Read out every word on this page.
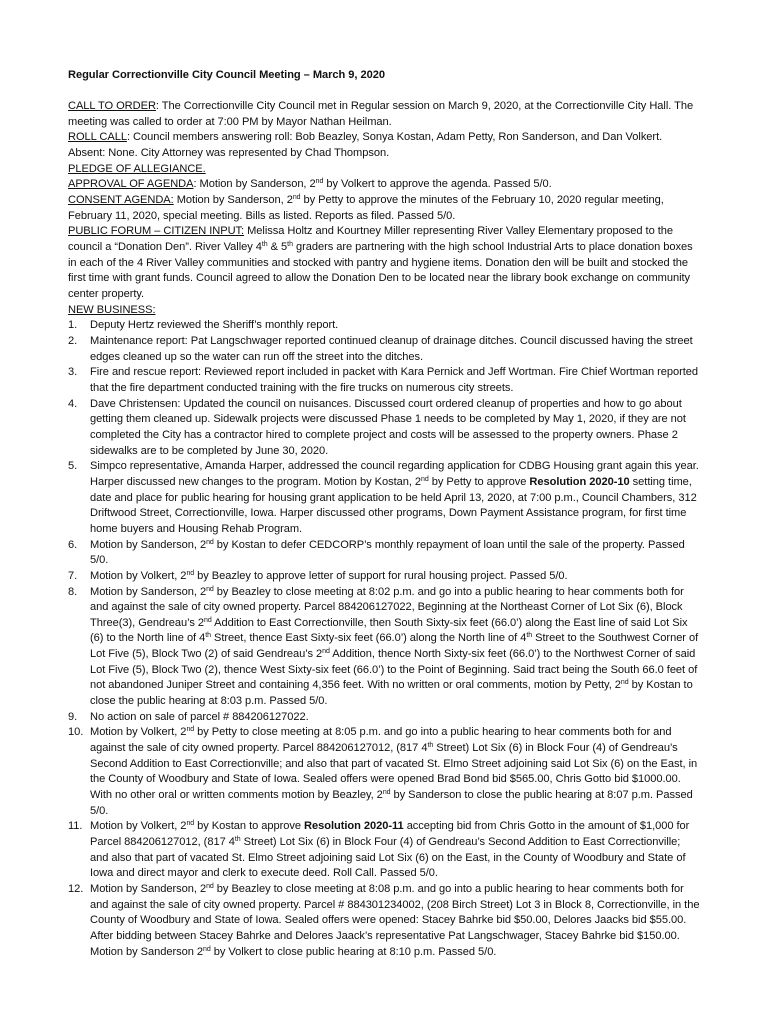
Regular Correctionville City Council Meeting – March 9, 2020

CALL TO ORDER: The Correctionville City Council met in Regular session on March 9, 2020, at the Correctionville City Hall. The meeting was called to order at 7:00 PM by Mayor Nathan Heilman.

ROLL CALL: Council members answering roll: Bob Beazley, Sonya Kostan, Adam Petty, Ron Sanderson, and Dan Volkert. Absent: None. City Attorney was represented by Chad Thompson.

PLEDGE OF ALLEGIANCE.

APPROVAL OF AGENDA: Motion by Sanderson, 2nd by Volkert to approve the agenda. Passed 5/0.

CONSENT AGENDA: Motion by Sanderson, 2nd by Petty to approve the minutes of the February 10, 2020 regular meeting, February 11, 2020, special meeting. Bills as listed. Reports as filed. Passed 5/0.

PUBLIC FORUM – CITIZEN INPUT: Melissa Holtz and Kourtney Miller representing River Valley Elementary proposed to the council a “Donation Den”. River Valley 4th & 5th graders are partnering with the high school Industrial Arts to place donation boxes in each of the 4 River Valley communities and stocked with pantry and hygiene items. Donation den will be built and stocked the first time with grant funds. Council agreed to allow the Donation Den to be located near the library book exchange on community center property.

NEW BUSINESS:

1. Deputy Hertz reviewed the Sheriff’s monthly report.
2. Maintenance report: Pat Langschwager reported continued cleanup of drainage ditches. Council discussed having the street edges cleaned up so the water can run off the street into the ditches.
3. Fire and rescue report: Reviewed report included in packet with Kara Pernick and Jeff Wortman. Fire Chief Wortman reported that the fire department conducted training with the fire trucks on numerous city streets.
4. Dave Christensen: Updated the council on nuisances. Discussed court ordered cleanup of properties and how to go about getting them cleaned up. Sidewalk projects were discussed Phase 1 needs to be completed by May 1, 2020, if they are not completed the City has a contractor hired to complete project and costs will be assessed to the property owners. Phase 2 sidewalks are to be completed by June 30, 2020.
5. Simpco representative, Amanda Harper, addressed the council regarding application for CDBG Housing grant again this year. Harper discussed new changes to the program. Motion by Kostan, 2nd by Petty to approve Resolution 2020-10 setting time, date and place for public hearing for housing grant application to be held April 13, 2020, at 7:00 p.m., Council Chambers, 312 Driftwood Street, Correctionville, Iowa. Harper discussed other programs, Down Payment Assistance program, for first time home buyers and Housing Rehab Program.
6. Motion by Sanderson, 2nd by Kostan to defer CEDCORP’s monthly repayment of loan until the sale of the property. Passed 5/0.
7. Motion by Volkert, 2nd by Beazley to approve letter of support for rural housing project. Passed 5/0.
8. Motion by Sanderson, 2nd by Beazley to close meeting at 8:02 p.m. and go into a public hearing to hear comments both for and against the sale of city owned property. Parcel 884206127022, Beginning at the Northeast Corner of Lot Six (6), Block Three(3), Gendreau’s 2nd Addition to East Correctionville, then South Sixty-six feet (66.0’) along the East line of said Lot Six (6) to the North line of 4th Street, thence East Sixty-six feet (66.0’) along the North line of 4th Street to the Southwest Corner of Lot Five (5), Block Two (2) of said Gendreau’s 2nd Addition, thence North Sixty-six feet (66.0’) to the Northwest Corner of said Lot Five (5), Block Two (2), thence West Sixty-six feet (66.0’) to the Point of Beginning. Said tract being the South 66.0 feet of not abandoned Juniper Street and containing 4,356 feet. With no written or oral comments, motion by Petty, 2nd by Kostan to close the public hearing at 8:03 p.m. Passed 5/0.
9. No action on sale of parcel # 884206127022.
10. Motion by Volkert, 2nd by Petty to close meeting at 8:05 p.m. and go into a public hearing to hear comments both for and against the sale of city owned property. Parcel 884206127012, (817 4th Street) Lot Six (6) in Block Four (4) of Gendreau’s Second Addition to East Correctionville; and also that part of vacated St. Elmo Street adjoining said Lot Six (6) on the East, in the County of Woodbury and State of Iowa. Sealed offers were opened Brad Bond bid $565.00, Chris Gotto bid $1000.00. With no other oral or written comments motion by Beazley, 2nd by Sanderson to close the public hearing at 8:07 p.m. Passed 5/0.
11. Motion by Volkert, 2nd by Kostan to approve Resolution 2020-11 accepting bid from Chris Gotto in the amount of $1,000 for Parcel 884206127012, (817 4th Street) Lot Six (6) in Block Four (4) of Gendreau’s Second Addition to East Correctionville; and also that part of vacated St. Elmo Street adjoining said Lot Six (6) on the East, in the County of Woodbury and State of Iowa and direct mayor and clerk to execute deed. Roll Call. Passed 5/0.
12. Motion by Sanderson, 2nd by Beazley to close meeting at 8:08 p.m. and go into a public hearing to hear comments both for and against the sale of city owned property. Parcel # 884301234002, (208 Birch Street) Lot 3 in Block 8, Correctionville, in the County of Woodbury and State of Iowa. Sealed offers were opened: Stacey Bahrke bid $50.00, Delores Jaacks bid $55.00. After bidding between Stacey Bahrke and Delores Jaack’s representative Pat Langschwager, Stacey Bahrke bid $150.00. Motion by Sanderson 2nd by Volkert to close public hearing at 8:10 p.m. Passed 5/0.
